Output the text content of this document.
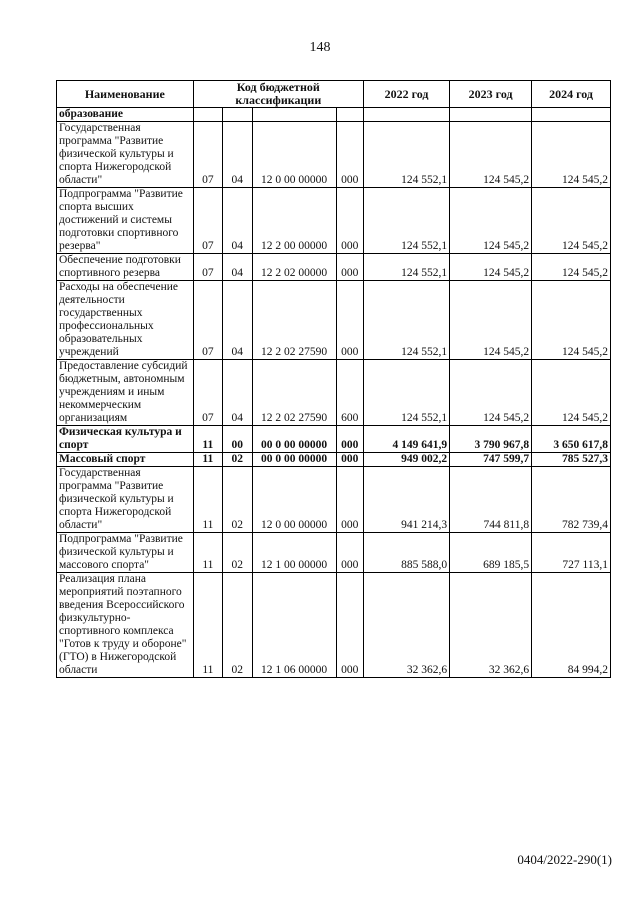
148
Наименование	Код бюджетной классификации				2022 год	2023 год	2024 год
образование							
Государственная программа "Развитие физической культуры и спорта Нижегородской области"	07	04	12 0 00 00000	000	124 552,1	124 545,2	124 545,2
Подпрограмма "Развитие спорта высших достижений и системы подготовки спортивного резерва"	07	04	12 2 00 00000	000	124 552,1	124 545,2	124 545,2
Обеспечение подготовки спортивного резерва	07	04	12 2 02 00000	000	124 552,1	124 545,2	124 545,2
Расходы на обеспечение деятельности государственных профессиональных образовательных учреждений	07	04	12 2 02 27590	000	124 552,1	124 545,2	124 545,2
Предоставление субсидий бюджетным, автономным учреждениям и иным некоммерческим организациям	07	04	12 2 02 27590	600	124 552,1	124 545,2	124 545,2
Физическая культура и спорт	11	00	00 0 00 00000	000	4 149 641,9	3 790 967,8	3 650 617,8
Массовый спорт	11	02	00 0 00 00000	000	949 002,2	747 599,7	785 527,3
Государственная программа "Развитие физической культуры и спорта Нижегородской области"	11	02	12 0 00 00000	000	941 214,3	744 811,8	782 739,4
Подпрограмма "Развитие физической культуры и массового спорта"	11	02	12 1 00 00000	000	885 588,0	689 185,5	727 113,1
Реализация плана мероприятий поэтапного введения Всероссийского физкультурно-спортивного комплекса "Готов к труду и обороне" (ГТО) в Нижегородской области	11	02	12 1 06 00000	000	32 362,6	32 362,6	84 994,2
0404/2022-290(1)
